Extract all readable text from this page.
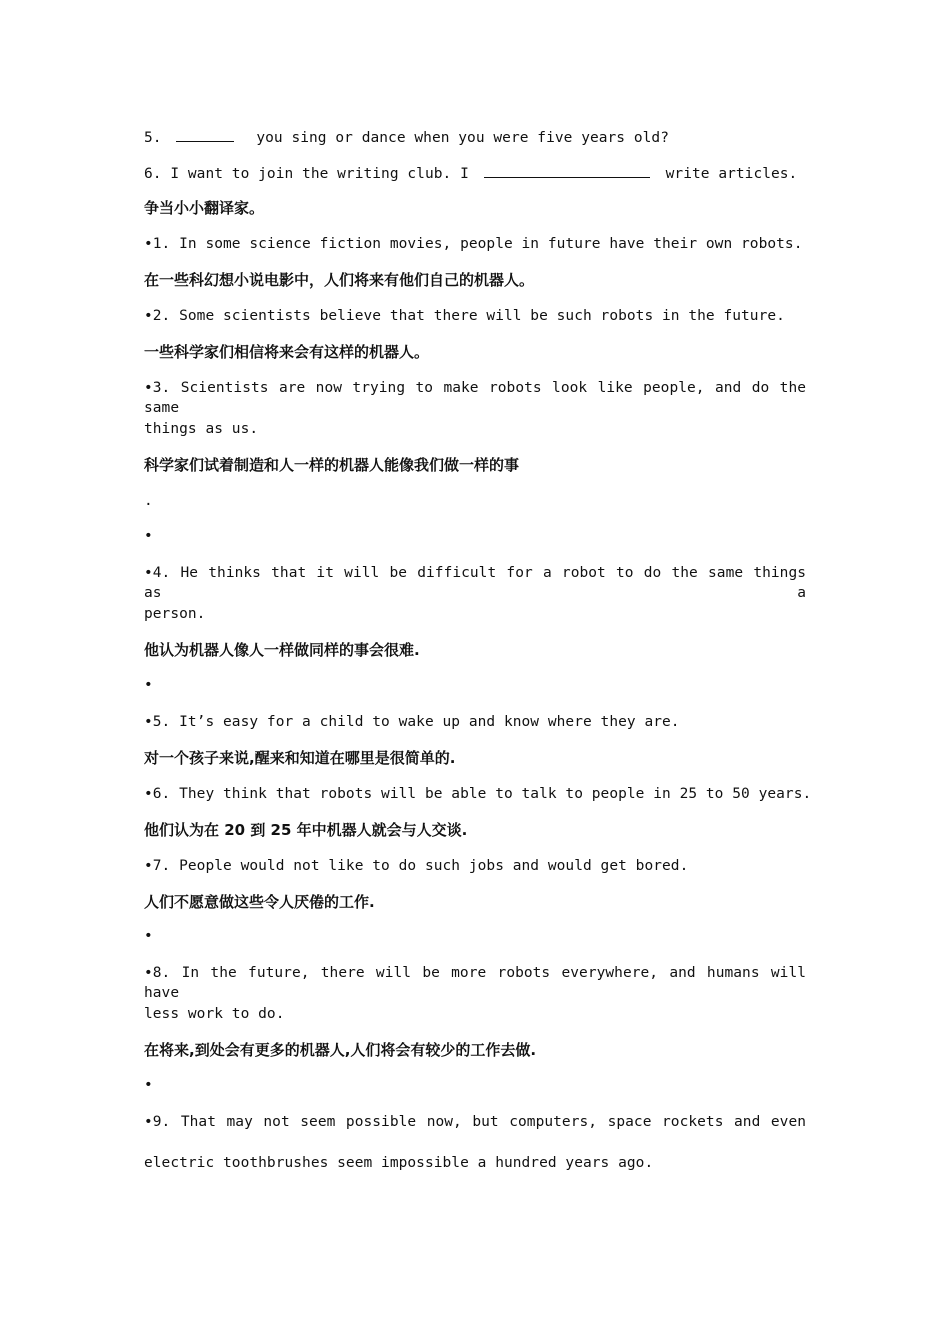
5.	you sing or dance when you were five years old?
6. I want to join the writing club. I	write articles.
争当小小翻译家。
•1. In some science fiction movies, people in future have their own robots.
在一些科幻想小说电影中，人们将来有他们自己的机器人。
•2. Some scientists believe that there will be such robots in the future.
一些科学家们相信将来会有这样的机器人。
•3. Scientists are now trying to make robots look like people, and do the same
things as us.
科学家们试着制造和人一样的机器人能像我们做一样的事
.
•
•4. He thinks that it will be difficult for a robot to do the same things as a
person.
他认为机器人像人一样做同样的事会很难.
•
•5. It’s easy for a child to wake up and know where they are.
对一个孩子来说,醒来和知道在哪里是很简单的.
•6. They think that robots will be able to talk to people in 25 to 50 years.
他们认为在 20 到 25 年中机器人就会与人交谈.
•7. People would not like to do such jobs and would get bored.
人们不愿意做这些令人厌倦的工作.
•
•8. In the future, there will be more robots everywhere, and humans will have
less work to do.
在将来,到处会有更多的机器人,人们将会有较少的工作去做.
•
•9. That may not seem possible now, but computers, space rockets and even
electric toothbrushes seem impossible a hundred years ago.
